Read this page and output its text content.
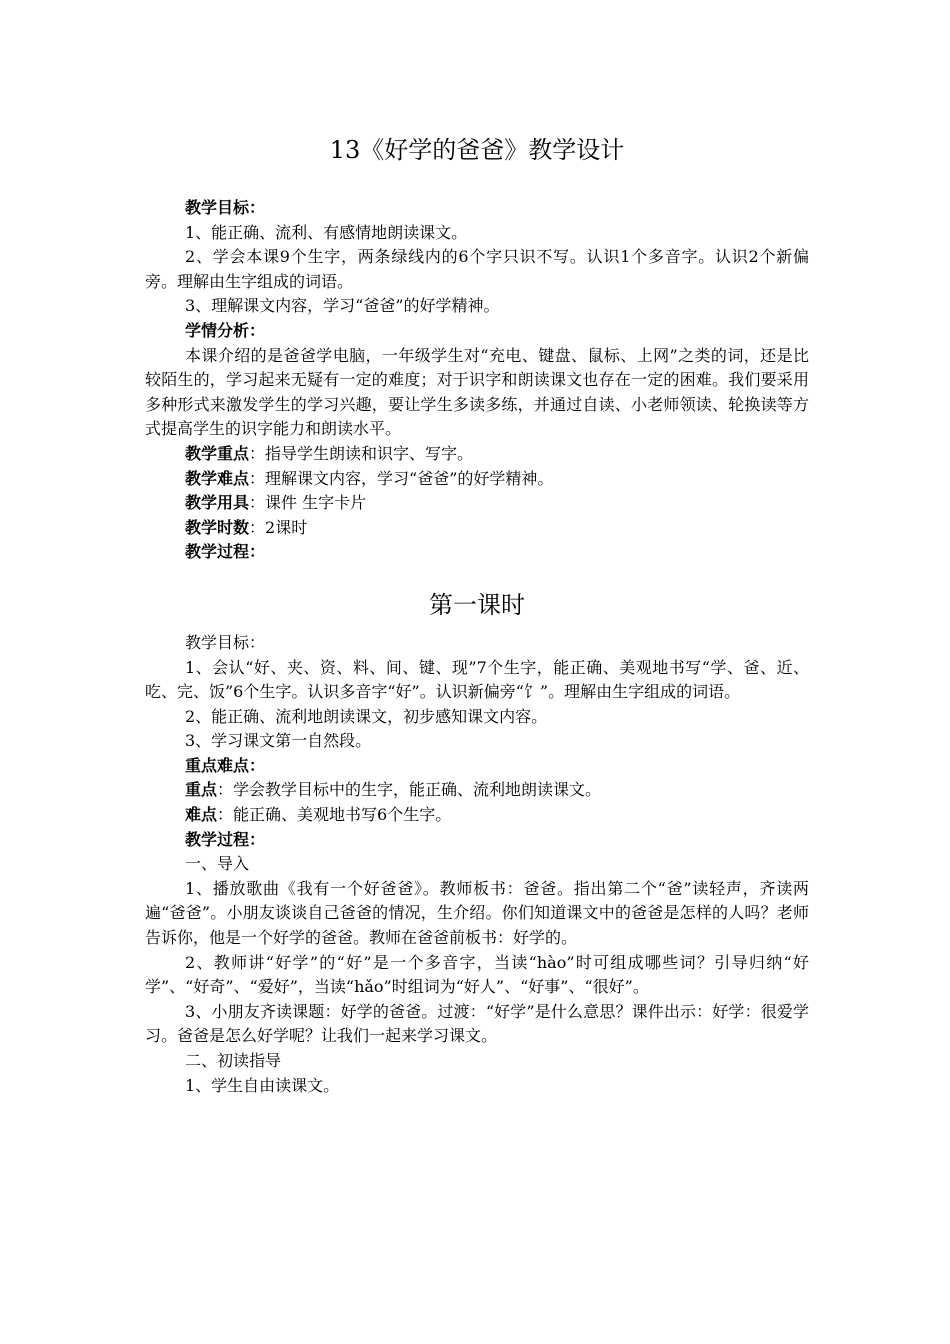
13《好学的爸爸》教学设计

教学目标：

1、能正确、流利、有感情地朗读课文。

2、学会本课9个生字，两条绿线内的6个字只识不写。认识1个多音字。认识2个新偏旁。理解由生字组成的词语。

3、理解课文内容，学习“爸爸”的好学精神。

学情分析：

本课介绍的是爸爸学电脑，一年级学生对“充电、键盘、鼠标、上网”之类的词，还是比较陌生的，学习起来无疑有一定的难度；对于识字和朗读课文也存在一定的困难。我们要采用多种形式来激发学生的学习兴趣，要让学生多读多练，并通过自读、小老师领读、轮换读等方式提高学生的识字能力和朗读水平。

教学重点：指导学生朗读和识字、写字。

教学难点：理解课文内容，学习“爸爸”的好学精神。

教学用具：课件 生字卡片

教学时数：2课时

教学过程：

第一课时

教学目标：

1、会认“好、夹、资、料、间、键、现”7个生字，能正确、美观地书写“学、爸、近、吃、完、饭”6个生字。认识多音字“好”。认识新偏旁“饣”。理解由生字组成的词语。

2、能正确、流利地朗读课文，初步感知课文内容。

3、学习课文第一自然段。

重点难点：

重点：学会教学目标中的生字，能正确、流利地朗读课文。

难点：能正确、美观地书写6个生字。

教学过程：

一、导入

1、播放歌曲《我有一个好爸爸》。教师板书：爸爸。指出第二个“爸”读轻声，齐读两遍“爸爸”。小朋友谈谈自己爸爸的情况，生介绍。你们知道课文中的爸爸是怎样的人吗？老师告诉你，他是一个好学的爸爸。教师在爸爸前板书：好学的。

2、教师讲“好学”的“好”是一个多音字，当读“hào”时可组成哪些词？引导归纳“好学”、“好奇”、“爱好”，当读“hǎo”时组词为“好人”、“好事”、“很好”。

3、小朋友齐读课题：好学的爸爸。过渡：“好学”是什么意思？课件出示：好学：很爱学习。爸爸是怎么好学呢？让我们一起来学习课文。

二、初读指导

1、学生自由读课文。
